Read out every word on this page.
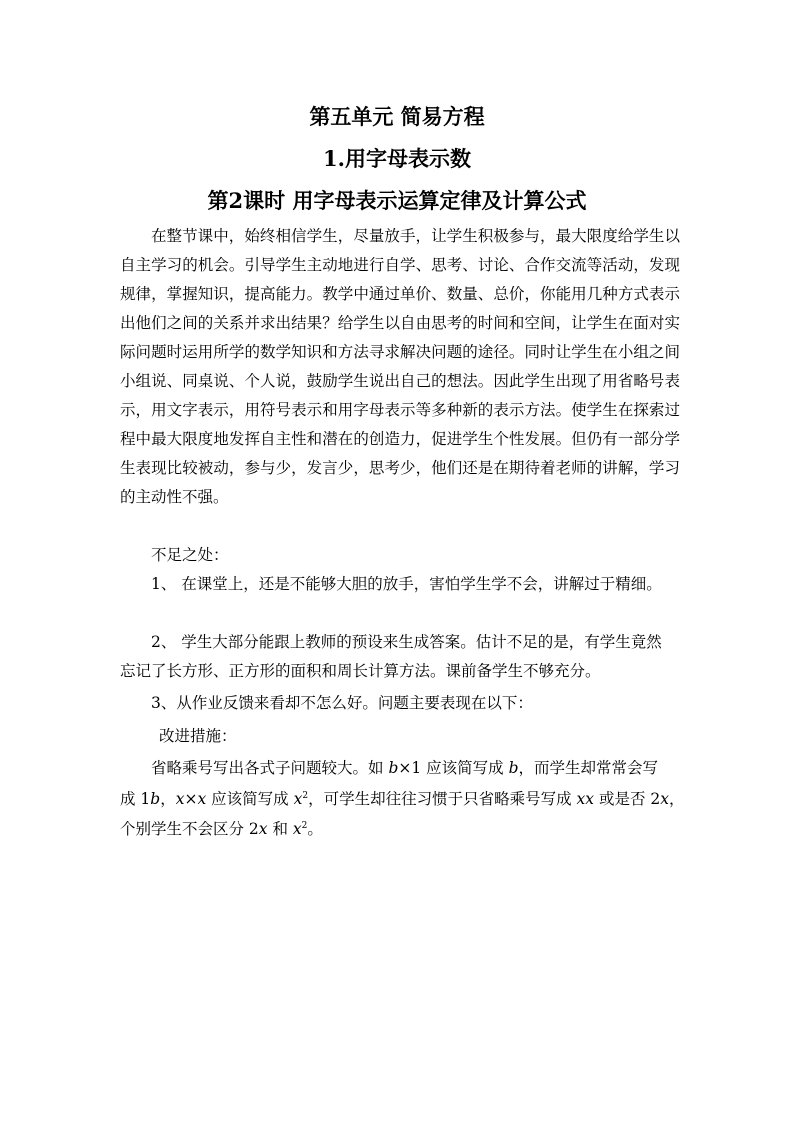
第五单元 简易方程
1.用字母表示数
第2课时 用字母表示运算定律及计算公式

在整节课中，始终相信学生，尽量放手，让学生积极参与，最大限度给学生以自主学习的机会。引导学生主动地进行自学、思考、讨论、合作交流等活动，发现规律，掌握知识，提高能力。教学中通过单价、数量、总价，你能用几种方式表示出他们之间的关系并求出结果？给学生以自由思考的时间和空间，让学生在面对实际问题时运用所学的数学知识和方法寻求解决问题的途径。同时让学生在小组之间小组说、同桌说、个人说，鼓励学生说出自己的想法。因此学生出现了用省略号表示，用文字表示，用符号表示和用字母表示等多种新的表示方法。使学生在探索过程中最大限度地发挥自主性和潜在的创造力，促进学生个性发展。但仍有一部分学生表现比较被动，参与少，发言少，思考少，他们还是在期待着老师的讲解，学习的主动性不强。

不足之处：
1、 在课堂上，还是不能够大胆的放手，害怕学生学不会，讲解过于精细。
2、 学生大部分能跟上教师的预设来生成答案。估计不足的是，有学生竟然
忘记了长方形、正方形的面积和周长计算方法。课前备学生不够充分。
3、从作业反馈来看却不怎么好。问题主要表现在以下：
改进措施：
省略乘号写出各式子问题较大。如 b×1 应该简写成 b，而学生却常常会写
成 1b，x×x 应该简写成 $x^2$，可学生却往往习惯于只省略乘号写成 xx 或是否 2x，
个别学生不会区分 2x 和 $x^2$。
